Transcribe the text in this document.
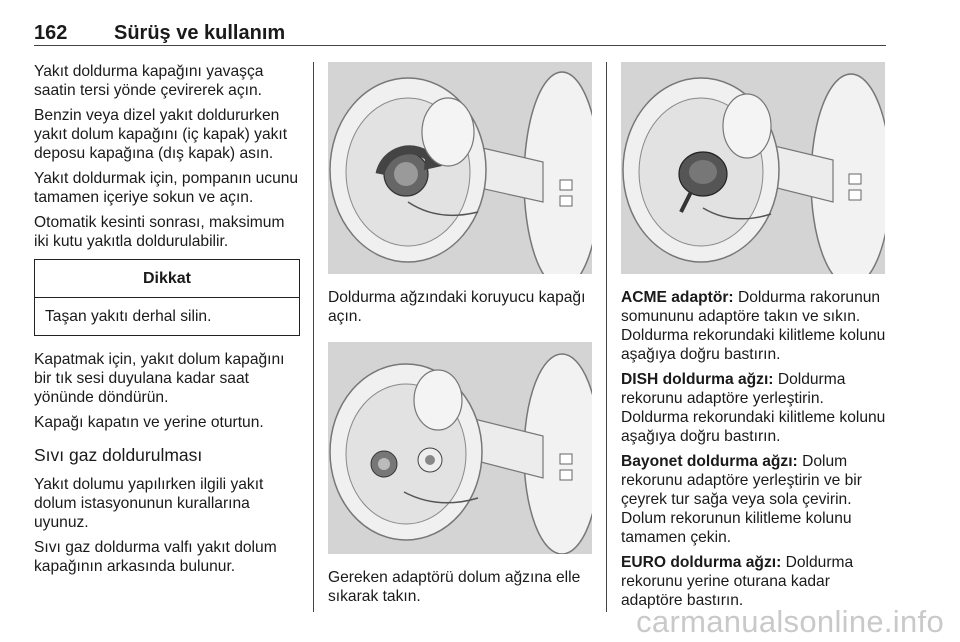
162 Sürüş ve kullanım

Yakıt doldurma kapağını yavaşça saatin tersi yönde çevirerek açın.

Benzin veya dizel yakıt doldururken yakıt dolum kapağını (iç kapak) yakıt deposu kapağına (dış kapak) asın.

Yakıt doldurmak için, pompanın ucunu tamamen içeriye sokun ve açın.

Otomatik kesinti sonrası, maksimum iki kutu yakıtla doldurulabilir.

Dikkat
Taşan yakıtı derhal silin.

Kapatmak için, yakıt dolum kapağını bir tık sesi duyulana kadar saat yönünde döndürün.

Kapağı kapatın ve yerine oturtun.

Sıvı gaz doldurulması

Yakıt dolumu yapılırken ilgili yakıt dolum istasyonunun kurallarına uyunuz.

Sıvı gaz doldurma valfı yakıt dolum kapağının arkasında bulunur.

Doldurma ağzındaki koruyucu kapağı açın.

Gereken adaptörü dolum ağzına elle sıkarak takın.

ACME adaptör: Doldurma rakorunun somununu adaptöre takın ve sıkın. Doldurma rekorundaki kilitleme kolunu aşağıya doğru bastırın.

DISH doldurma ağzı: Doldurma rekorunu adaptöre yerleştirin. Doldurma rekorundaki kilitleme kolunu aşağıya doğru bastırın.

Bayonet doldurma ağzı: Dolum rekorunu adaptöre yerleştirin ve bir çeyrek tur sağa veya sola çevirin. Dolum rekorunun kilitleme kolunu tamamen çekin.

EURO doldurma ağzı: Doldurma rekorunu yerine oturana kadar adaptöre bastırın.

carmanualsonline.info
